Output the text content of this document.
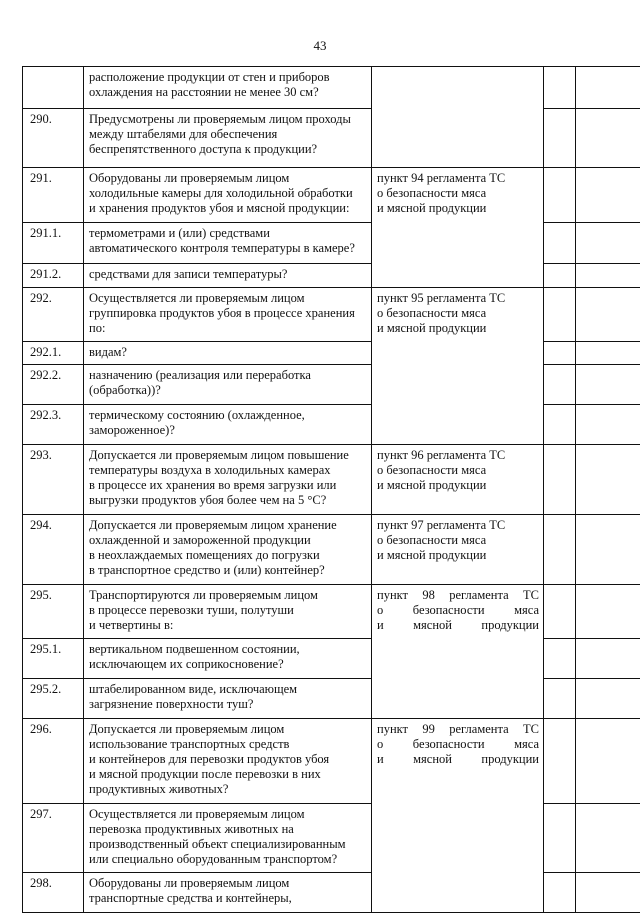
43
	расположение продукции от стен и приборов
охлаждения на расстоянии не менее 30 см?			
290.	Предусмотрены ли проверяемым лицом проходы
между штабелями для обеспечения
беспрепятственного доступа к продукции?			
291.	Оборудованы ли проверяемым лицом
холодильные камеры для холодильной обработки
и хранения продуктов убоя и мясной продукции:	пункт 94 регламента ТС
о безопасности мяса
и мясной продукции		
291.1.	термометрами и (или) средствами
автоматического контроля температуры в камере?			
291.2.	средствами для записи температуры?			
292.	Осуществляется ли проверяемым лицом
группировка продуктов убоя в процессе хранения
по:	пункт 95 регламента ТС
о безопасности мяса
и мясной продукции		
292.1.	видам?			
292.2.	назначению (реализация или переработка
(обработка))?			
292.3.	термическому состоянию (охлажденное,
замороженное)?			
293.	Допускается ли проверяемым лицом повышение
температуры воздуха в холодильных камерах
в процессе их хранения во время загрузки или
выгрузки продуктов убоя более чем на 5 °С?	пункт 96 регламента ТС
о безопасности мяса
и мясной продукции		
294.	Допускается ли проверяемым лицом хранение
охлажденной и замороженной продукции
в неохлаждаемых помещениях до погрузки
в транспортное средство и (или) контейнер?	пункт 97 регламента ТС
о безопасности мяса
и мясной продукции		
295.	Транспортируются ли проверяемым лицом
в процессе перевозки туши, полутуши
и четвертины в:	пункт 98 регламента ТС
о безопасности мяса
и мясной продукции		
295.1.	вертикальном подвешенном состоянии,
исключающем их соприкосновение?			
295.2.	штабелированном виде, исключающем
загрязнение поверхности туш?			
296.	Допускается ли проверяемым лицом
использование транспортных средств
и контейнеров для перевозки продуктов убоя
и мясной продукции после перевозки в них
продуктивных животных?	пункт 99 регламента ТС
о безопасности мяса
и мясной продукции		
297.	Осуществляется ли проверяемым лицом
перевозка продуктивных животных на
производственный объект специализированным
или специально оборудованным транспортом?			
298.	Оборудованы ли проверяемым лицом
транспортные средства и контейнеры,			
